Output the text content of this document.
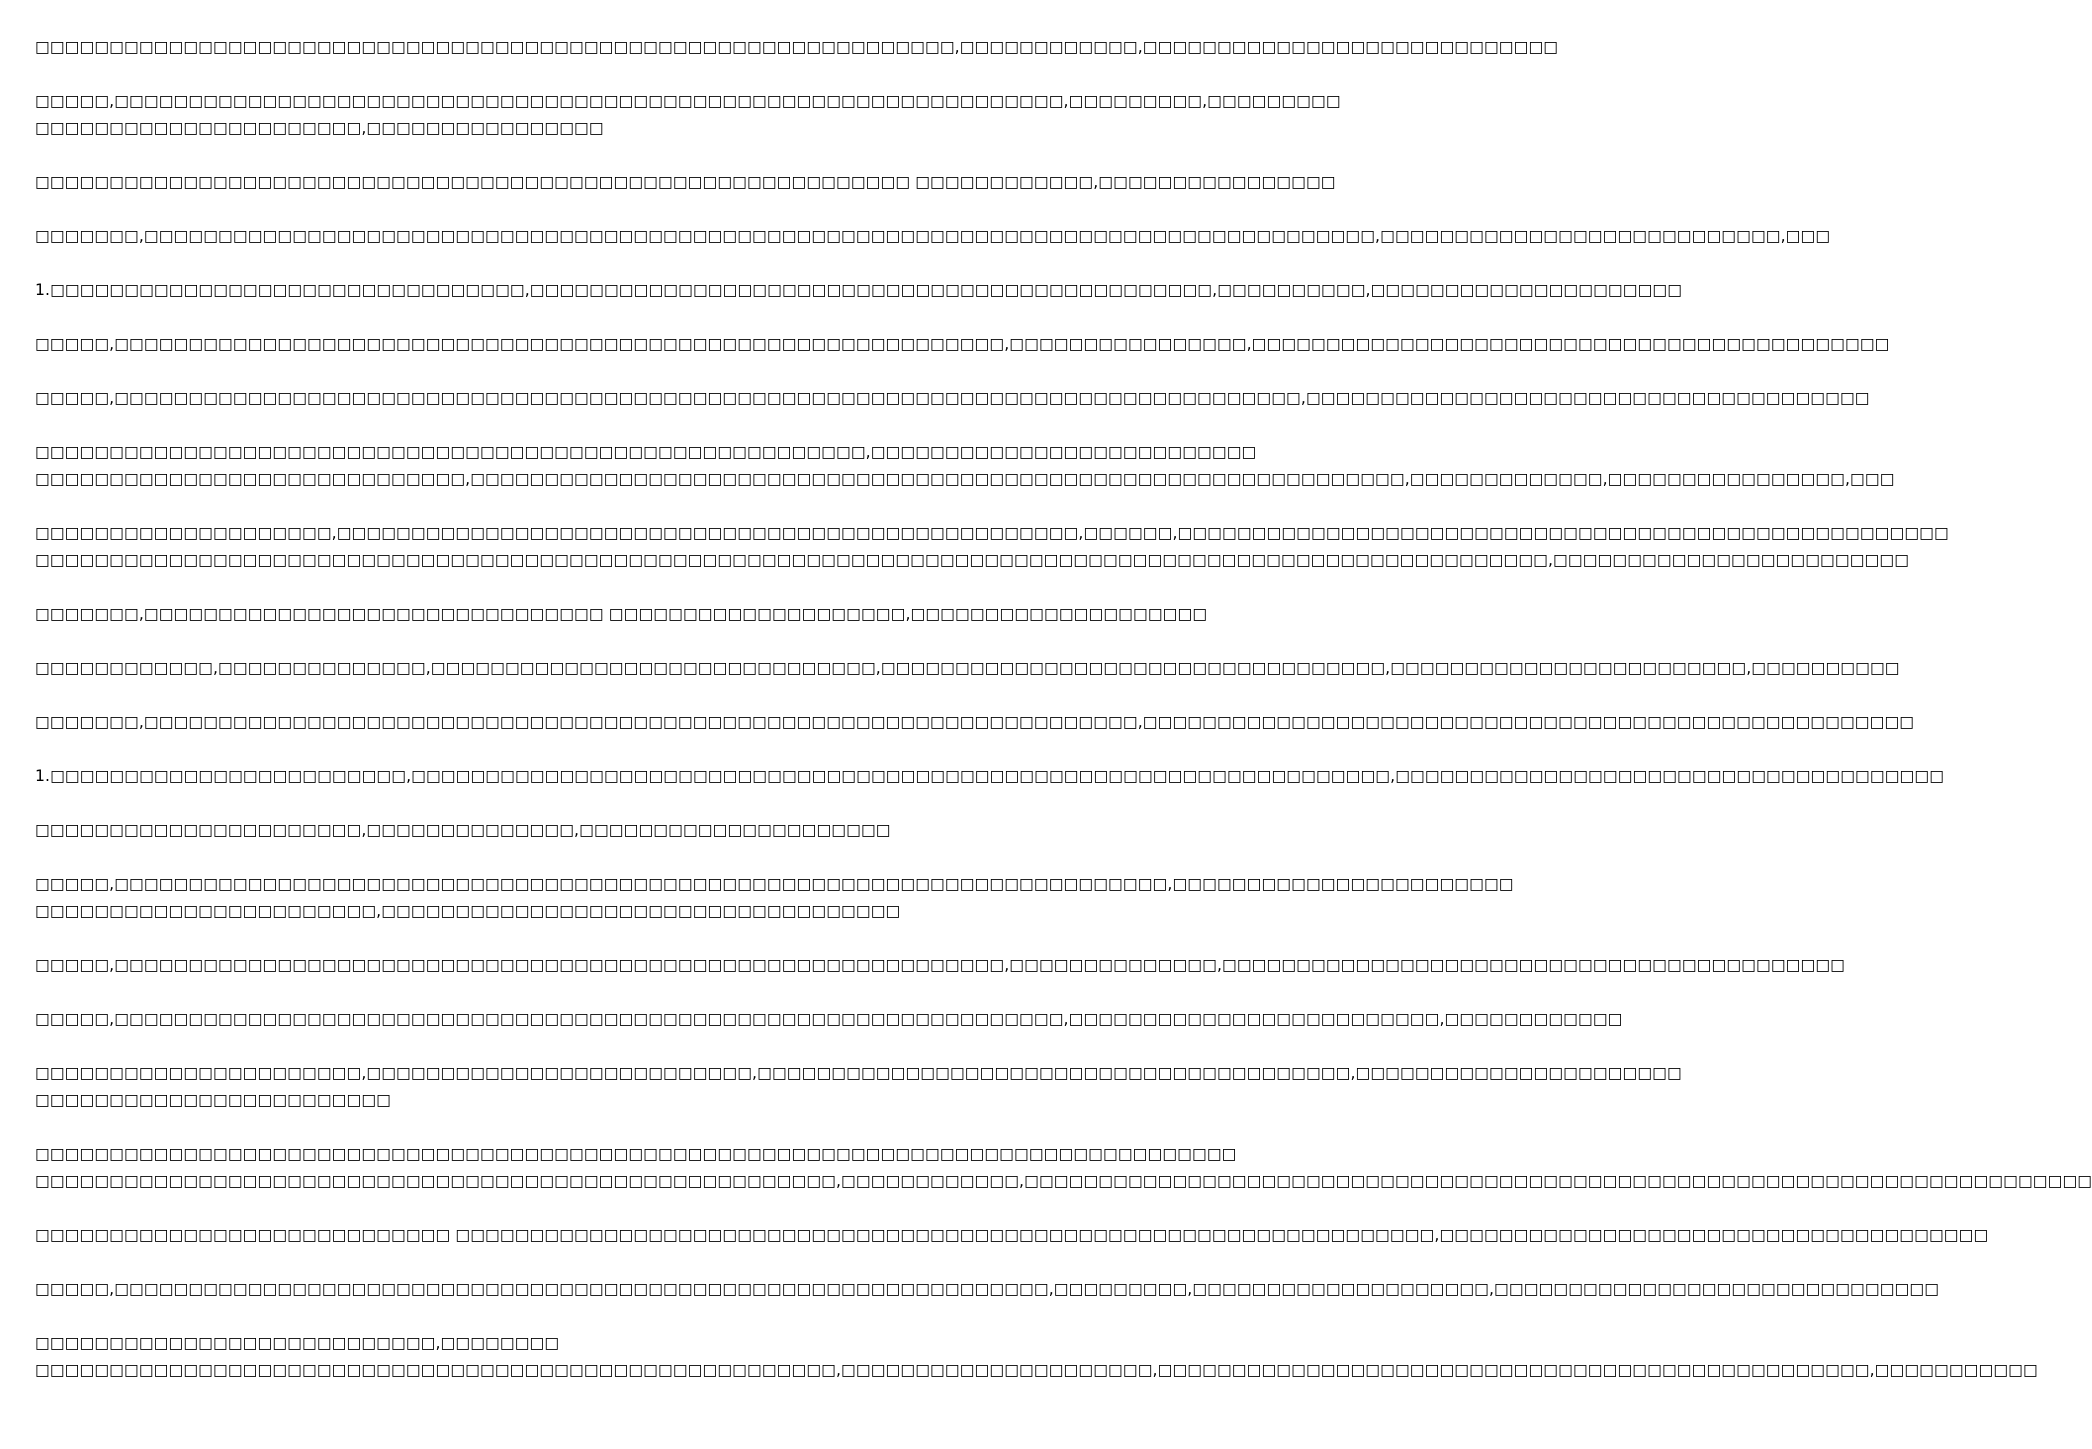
□□□□□□□□□□□□□□□□□□□□□□□□□□□□□□□□□□□□□□□□□□□□□□□□□□□□□□□□□□□□□□,□□□□□□□□□□□□,□□□□□□□□□□□□□□□□□□□□□□□□□□□□
□□□□□,□□□□□□□□□□□□□□□□□□□□□□□□□□□□□□□□□□□□□□□□□□□□□□□□□□□□□□□□□□□□□□□□,□□□□□□□□□,□□□□□□□□□
□□□□□□□□□□□□□□□□□□□□□□,□□□□□□□□□□□□□□□□
□□□□□□□□□□□□□□□□□□□□□□□□□□□□□□□□□□□□□□□□□□□□□□□□□□□□□□□□□□□ □□□□□□□□□□□□,□□□□□□□□□□□□□□□□
□□□□□□□,□□□□□□□□□□□□□□□□□□□□□□□□□□□□□□□□□□□□□□□□□□□□□□□□□□□□□□□□□□□□□□□□□□□□□□□□□□□□□□□□□□□,□□□□□□□□□□□□□□□□□□□□□□□□□□□,□□□
1.□□□□□□□□□□□□□□□□□□□□□□□□□□□□□□□□,□□□□□□□□□□□□□□□□□□□□□□□□□□□□□□□□□□□□□□□□□□□□□□,□□□□□□□□□□,□□□□□□□□□□□□□□□□□□□□□
□□□□□,□□□□□□□□□□□□□□□□□□□□□□□□□□□□□□□□□□□□□□□□□□□□□□□□□□□□□□□□□□□□,□□□□□□□□□□□□□□□□,□□□□□□□□□□□□□□□□□□□□□□□□□□□□□□□□□□□□□□□□□□□
□□□□□,□□□□□□□□□□□□□□□□□□□□□□□□□□□□□□□□□□□□□□□□□□□□□□□□□□□□□□□□□□□□□□□□□□□□□□□□□□□□□□□□,□□□□□□□□□□□□□□□□□□□□□□□□□□□□□□□□□□□□□□
□□□□□□□□□□□□□□□□□□□□□□□□□□□□□□□□□□□□□□□□□□□□□□□□□□□□□□□□,□□□□□□□□□□□□□□□□□□□□□□□□□□
□□□□□□□□□□□□□□□□□□□□□□□□□□□□□,□□□□□□□□□□□□□□□□□□□□□□□□□□□□□□□□□□□□□□□□□□□□□□□□□□□□□□□□□□□□□□□,□□□□□□□□□□□□□,□□□□□□□□□□□□□□□□,□□□
□□□□□□□□□□□□□□□□□□□□,□□□□□□□□□□□□□□□□□□□□□□□□□□□□□□□□□□□□□□□□□□□□□□□□□□,□□□□□□,□□□□□□□□□□□□□□□□□□□□□□□□□□□□□□□□□□□□□□□□□□□□□□□□□□□□
□□□□□□□□□□□□□□□□□□□□□□□□□□□□□□□□□□□□□□□□□□□□□□□□□□□□□□□□□□□□□□□□□□□□□□□□□□□□□□□□□□□□□□□□□□□□□□□□□□□□□□,□□□□□□□□□□□□□□□□□□□□□□□□
□□□□□□□,□□□□□□□□□□□□□□□□□□□□□□□□□□□□□□□ □□□□□□□□□□□□□□□□□□□□,□□□□□□□□□□□□□□□□□□□□
□□□□□□□□□□□□,□□□□□□□□□□□□□□,□□□□□□□□□□□□□□□□□□□□□□□□□□□□□□,□□□□□□□□□□□□□□□□□□□□□□□□□□□□□□□□□□,□□□□□□□□□□□□□□□□□□□□□□□□,□□□□□□□□□□
□□□□□□□,□□□□□□□□□□□□□□□□□□□□□□□□□□□□□□□□□□□□□□□□□□□□□□□□□□□□□□□□□□□□□□□□□□□,□□□□□□□□□□□□□□□□□□□□□□□□□□□□□□□□□□□□□□□□□□□□□□□□□□□□
1.□□□□□□□□□□□□□□□□□□□□□□□□,□□□□□□□□□□□□□□□□□□□□□□□□□□□□□□□□□□□□□□□□□□□□□□□□□□□□□□□□□□□□□□□□□□,□□□□□□□□□□□□□□□□□□□□□□□□□□□□□□□□□□□□□
□□□□□□□□□□□□□□□□□□□□□□,□□□□□□□□□□□□□□,□□□□□□□□□□□□□□□□□□□□□
□□□□□,□□□□□□□□□□□□□□□□□□□□□□□□□□□□□□□□□□□□□□□□□□□□□□□□□□□□□□□□□□□□□□□□□□□□□□□,□□□□□□□□□□□□□□□□□□□□□□□
□□□□□□□□□□□□□□□□□□□□□□□,□□□□□□□□□□□□□□□□□□□□□□□□□□□□□□□□□□□
□□□□□,□□□□□□□□□□□□□□□□□□□□□□□□□□□□□□□□□□□□□□□□□□□□□□□□□□□□□□□□□□□□,□□□□□□□□□□□□□□,□□□□□□□□□□□□□□□□□□□□□□□□□□□□□□□□□□□□□□□□□□
□□□□□,□□□□□□□□□□□□□□□□□□□□□□□□□□□□□□□□□□□□□□□□□□□□□□□□□□□□□□□□□□□□□□□□,□□□□□□□□□□□□□□□□□□□□□□□□□,□□□□□□□□□□□□
□□□□□□□□□□□□□□□□□□□□□□,□□□□□□□□□□□□□□□□□□□□□□□□□□,□□□□□□□□□□□□□□□□□□□□□□□□□□□□□□□□□□□□□□□□,□□□□□□□□□□□□□□□□□□□□□□
□□□□□□□□□□□□□□□□□□□□□□□□
□□□□□□□□□□□□□□□□□□□□□□□□□□□□□□□□□□□□□□□□□□□□□□□□□□□□□□□□□□□□□□□□□□□□□□□□□□□□□□□□□
□□□□□□□□□□□□□□□□□□□□□□□□□□□□□□□□□□□□□□□□□□□□□□□□□□□□□□,□□□□□□□□□□□□,□□□□□□□□□□□□□□□□□□□□□□□□□□□□□□□□□□□□□□□□□□□□□□□□□□□□□□□□□□□□□□□□□□□□□□□□
□□□□□□□□□□□□□□□□□□□□□□□□□□□□ □□□□□□□□□□□□□□□□□□□□□□□□□□□□□□□□□□□□□□□□□□□□□□□□□□□□□□□□□□□□□□□□□□,□□□□□□□□□□□□□□□□□□□□□□□□□□□□□□□□□□□□□
□□□□□,□□□□□□□□□□□□□□□□□□□□□□□□□□□□□□□□□□□□□□□□□□□□□□□□□□□□□□□□□□□□□□□,□□□□□□□□□,□□□□□□□□□□□□□□□□□□□□,□□□□□□□□□□□□□□□□□□□□□□□□□□□□□□
□□□□□□□□□□□□□□□□□□□□□□□□□□□,□□□□□□□□
□□□□□□□□□□□□□□□□□□□□□□□□□□□□□□□□□□□□□□□□□□□□□□□□□□□□□□,□□□□□□□□□□□□□□□□□□□□□,□□□□□□□□□□□□□□□□□□□□□□□□□□□□□□□□□□□□□□□□□□□□□□□□,□□□□□□□□□□□
